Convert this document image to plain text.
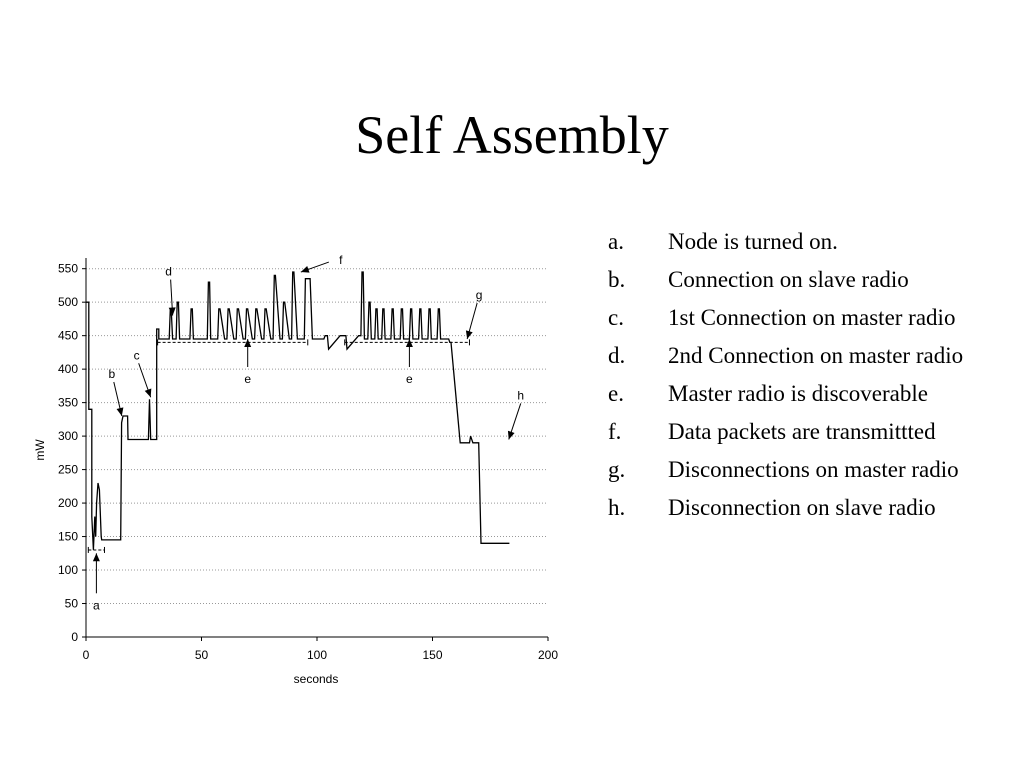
Self Assembly
0
50
100
150
200
250
300
350
400
450
500
550
0	50	100	150	200
a
b
c
d
e	e
f
g
h
seconds
mW
a.	Node is turned on.
b.	Connection on slave radio
c.	1st Connection on master radio
d.	2nd Connection on master radio
e.	Master radio is discoverable
f.	Data packets are transmittted
g.	Disconnections on master radio
h.	Disconnection on slave radio
